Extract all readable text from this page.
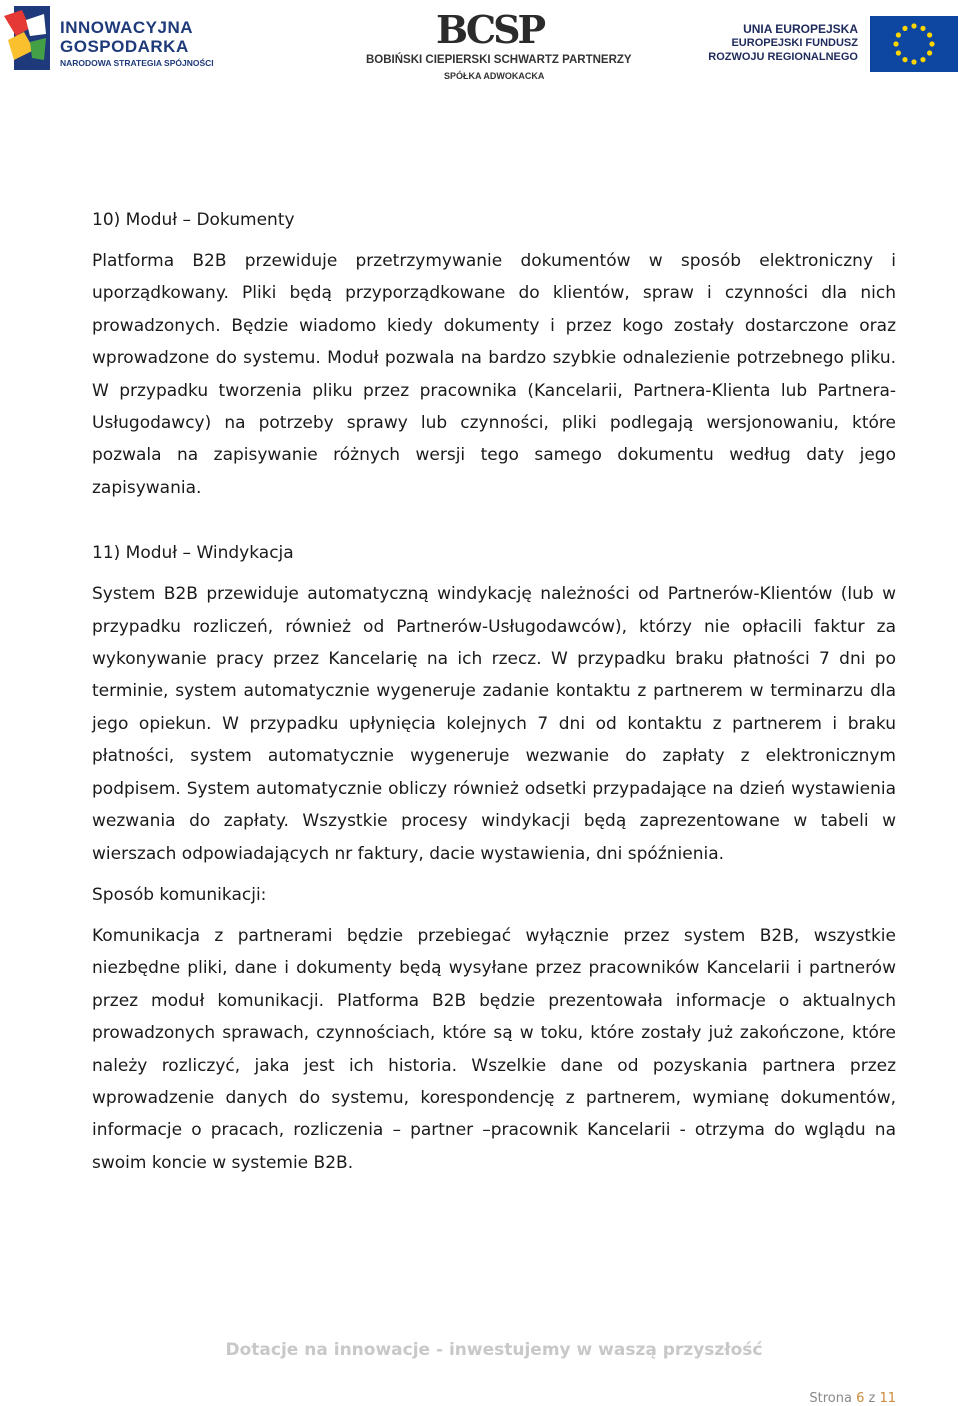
INNOWACYJNA
GOSPODARKA
NARODOWA STRATEGIA SPÓJNOŚCI
BCSP
BOBIŃSKI CIEPIERSKI SCHWARTZ PARTNERZY
SPÓŁKA ADWOKACKA
UNIA EUROPEJSKA
EUROPEJSKI FUNDUSZ
ROZWOJU REGIONALNEGO
10) Moduł – Dokumenty

Platforma B2B przewiduje przetrzymywanie dokumentów w sposób elektroniczny i uporządkowany. Pliki będą przyporządkowane do klientów, spraw i czynności dla nich prowadzonych. Będzie wiadomo kiedy dokumenty i przez kogo zostały dostarczone oraz wprowadzone do systemu. Moduł pozwala na bardzo szybkie odnalezienie potrzebnego pliku. W przypadku tworzenia pliku przez pracownika (Kancelarii, Partnera-Klienta lub Partnera-Usługodawcy) na potrzeby sprawy lub czynności, pliki podlegają wersjonowaniu, które pozwala na zapisywanie różnych wersji tego samego dokumentu według daty jego zapisywania.

11) Moduł – Windykacja

System B2B przewiduje automatyczną windykację należności od Partnerów-Klientów (lub w przypadku rozliczeń, również od Partnerów-Usługodawców), którzy nie opłacili faktur za wykonywanie pracy przez Kancelarię na ich rzecz. W przypadku braku płatności 7 dni po terminie, system automatycznie wygeneruje zadanie kontaktu z partnerem w terminarzu dla jego opiekun. W przypadku upłynięcia kolejnych 7 dni od kontaktu z partnerem i braku płatności, system automatycznie wygeneruje wezwanie do zapłaty z elektronicznym podpisem. System automatycznie obliczy również odsetki przypadające na dzień wystawienia wezwania do zapłaty. Wszystkie procesy windykacji będą zaprezentowane w tabeli w wierszach odpowiadających nr faktury, dacie wystawienia, dni spóźnienia.

Sposób komunikacji:

Komunikacja z partnerami będzie przebiegać wyłącznie przez system B2B, wszystkie niezbędne pliki, dane i dokumenty będą wysyłane przez pracowników Kancelarii i partnerów przez moduł komunikacji. Platforma B2B będzie prezentowała informacje o aktualnych prowadzonych sprawach, czynnościach, które są w toku, które zostały już zakończone, które należy rozliczyć, jaka jest ich historia. Wszelkie dane od pozyskania partnera przez wprowadzenie danych do systemu, korespondencję z partnerem, wymianę dokumentów, informacje o pracach, rozliczenia – partner –pracownik Kancelarii - otrzyma do wglądu na swoim koncie w systemie B2B.

Dotacje na innowacje - inwestujemy w waszą przyszłość
Strona 6 z 11
